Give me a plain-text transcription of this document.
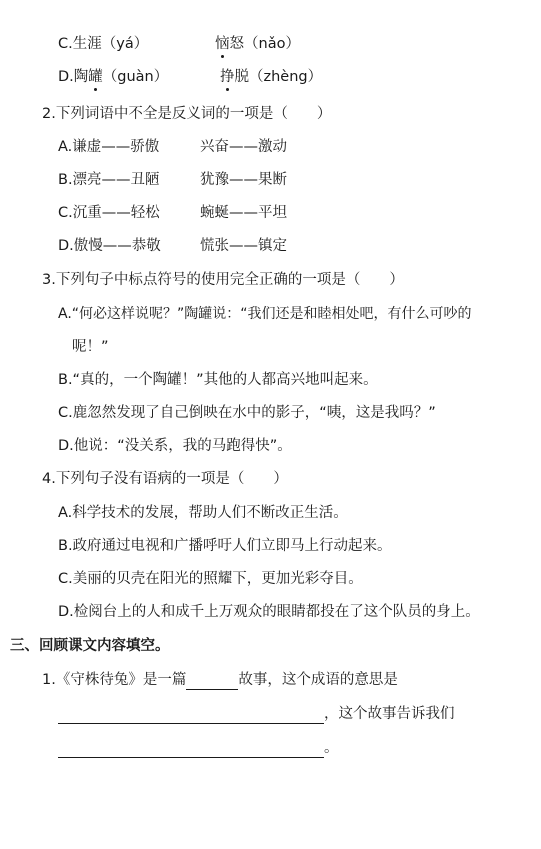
C.生涯（yá）	恼怒（nǎo）
D.陶罐（guàn）	挣脱（zhèng）
2.下列词语中不全是反义词的一项是（　　）
A.谦虚——骄傲	兴奋——激动
B.漂亮——丑陋	犹豫——果断
C.沉重——轻松	蜿蜒——平坦
D.傲慢——恭敬	慌张——镇定
3.下列句子中标点符号的使用完全正确的一项是（　　）
A.“何必这样说呢？”陶罐说：“我们还是和睦相处吧，有什么可吵的
呢！”
B.“真的，一个陶罐！”其他的人都高兴地叫起来。
C.鹿忽然发现了自己倒映在水中的影子，“咦，这是我吗？”
D.他说：“没关系，我的马跑得快”。
4.下列句子没有语病的一项是（　　）
A.科学技术的发展，帮助人们不断改正生活。
B.政府通过电视和广播呼吁人们立即马上行动起来。
C.美丽的贝壳在阳光的照耀下，更加光彩夺目。
D.检阅台上的人和成千上万观众的眼睛都投在了这个队员的身上。
三、回顾课文内容填空。
1.《守株待兔》是一篇	故事，这个成语的意思是
，这个故事告诉我们
。
